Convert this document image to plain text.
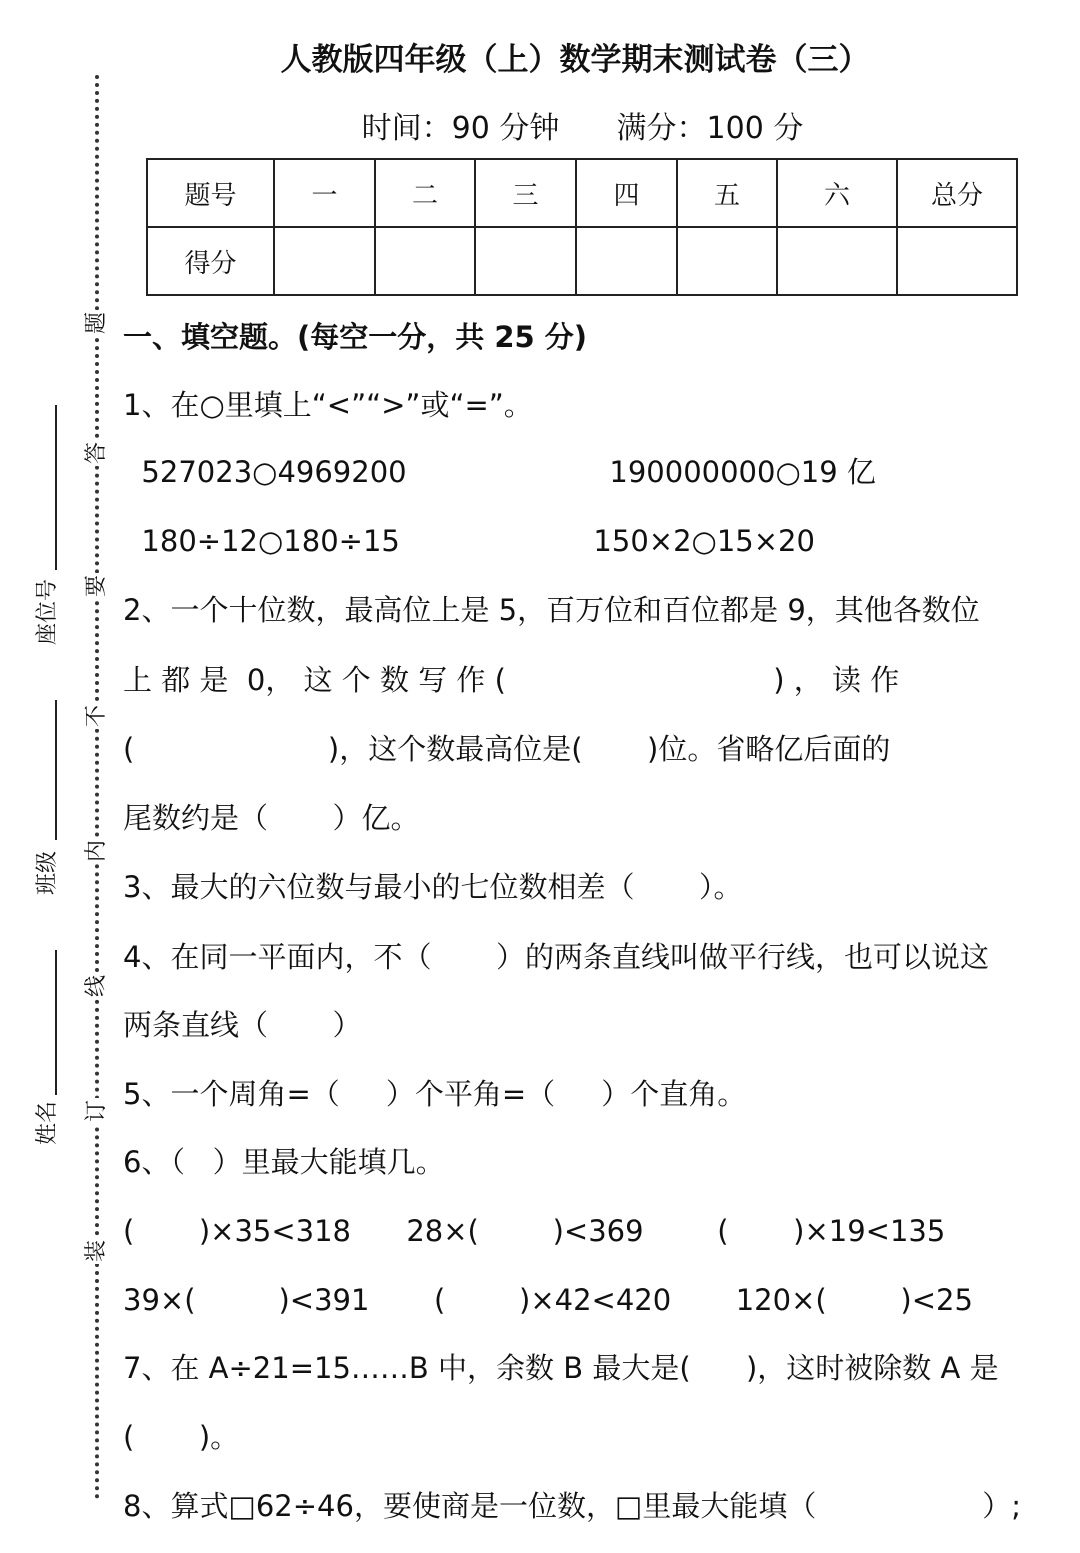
人教版四年级（上）数学期末测试卷（三）
时间：90 分钟      满分：100 分
题号	一	二	三	四	五	六	总分
得分							
题
答
要
不
内
线
订
装
座位号
班级
姓名
一、填空题。(每空一分，共 25 分)
1、在○里填上“<”“>”或“=”。
527023○4969200                      190000000○19 亿
180÷12○180÷15                     150×2○15×20
2、一个十位数，最高位上是 5，百万位和百位都是 9，其他各数位
上 都 是  0， 这 个 数 写 作 (                             ) ， 读 作
(                     )，这个数最高位是(       )位。省略亿后面的
尾数约是（       ）亿。
3、最大的六位数与最小的七位数相差（       ）。
4、在同一平面内，不（       ）的两条直线叫做平行线，也可以说这
两条直线（       ）
5、一个周角=（     ）个平角=（     ）个直角。
6、（   ）里最大能填几。
(       )×35<318      28×(        )<369        (       )×19<135
39×(         )<391       (        )×42<420       120×(        )<25
7、在 A÷21=15……B 中，余数 B 最大是(      )，这时被除数 A 是
(       )。
8、算式□62÷46，要使商是一位数，□里最大能填（                  ）;
